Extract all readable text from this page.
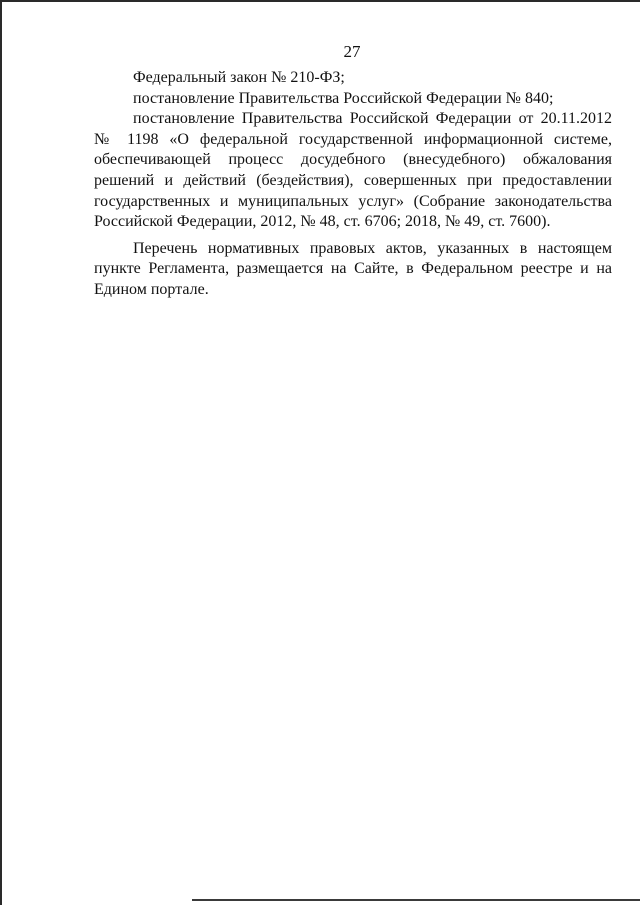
27

Федеральный закон № 210-ФЗ;

постановление Правительства Российской Федерации № 840;

постановление Правительства Российской Федерации от 20.11.2012 № 1198 «О федеральной государственной информационной системе, обеспечивающей процесс досудебного (внесудебного) обжалования решений и действий (бездействия), совершенных при предоставлении государственных и муниципальных услуг» (Собрание законодательства Российской Федерации, 2012, № 48, ст. 6706; 2018, № 49, ст. 7600).

Перечень нормативных правовых актов, указанных в настоящем пункте Регламента, размещается на Сайте, в Федеральном реестре и на Едином портале.
